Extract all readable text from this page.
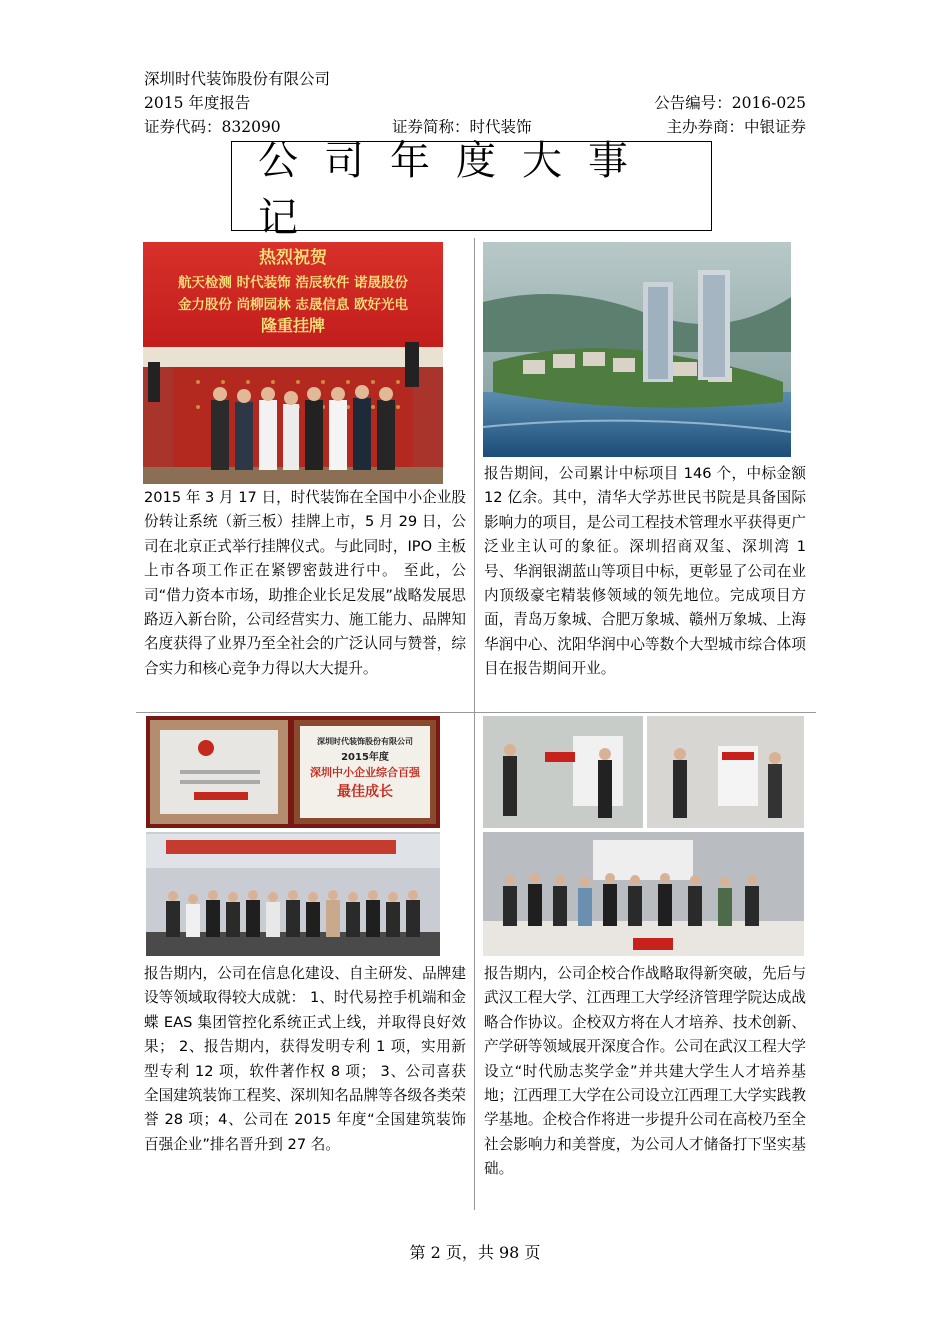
深圳时代装饰股份有限公司
2015 年度报告	公告编号：2016-025
证券代码：832090	证券简称：时代装饰	主办券商：中银证券
公司年度大事记
热烈祝贺
航天检测 时代装饰 浩辰软件 诺晟股份
金力股份 尚柳园林 志晟信息 欧好光电
隆重挂牌
深圳时代装饰股份有限公司
2015年度
深圳中小企业综合百强
最佳成长

2015 年 3 月 17 日，时代装饰在全国中小企业股份转让系统（新三板）挂牌上市，5 月 29 日，公司在北京正式举行挂牌仪式。与此同时，IPO 主板上市各项工作正在紧锣密鼓进行中。 至此，公司“借力资本市场，助推企业长足发展”战略发展思路迈入新台阶，公司经营实力、施工能力、品牌知名度获得了业界乃至全社会的广泛认同与赞誉，综合实力和核心竞争力得以大大提升。

报告期间，公司累计中标项目 146 个，中标金额 12 亿余。其中，清华大学苏世民书院是具备国际影响力的项目，是公司工程技术管理水平获得更广泛业主认可的象征。深圳招商双玺、深圳湾 1 号、华润银湖蓝山等项目中标，更彰显了公司在业内顶级豪宅精装修领域的领先地位。完成项目方面，青岛万象城、合肥万象城、赣州万象城、上海华润中心、沈阳华润中心等数个大型城市综合体项目在报告期间开业。

报告期内，公司在信息化建设、自主研发、品牌建设等领域取得较大成就： 1、时代易控手机端和金蝶 EAS 集团管控化系统正式上线，并取得良好效果； 2、报告期内，获得发明专利 1 项，实用新型专利 12 项，软件著作权 8 项； 3、公司喜获全国建筑装饰工程奖、深圳知名品牌等各级各类荣誉 28 项；4、公司在 2015 年度“全国建筑装饰百强企业”排名晋升到 27 名。

报告期内，公司企校合作战略取得新突破，先后与武汉工程大学、江西理工大学经济管理学院达成战略合作协议。企校双方将在人才培养、技术创新、产学研等领域展开深度合作。公司在武汉工程大学设立“时代励志奖学金”并共建大学生人才培养基地；江西理工大学在公司设立江西理工大学实践教学基地。企校合作将进一步提升公司在高校乃至全社会影响力和美誉度，为公司人才储备打下坚实基础。

第 2 页，共 98 页
